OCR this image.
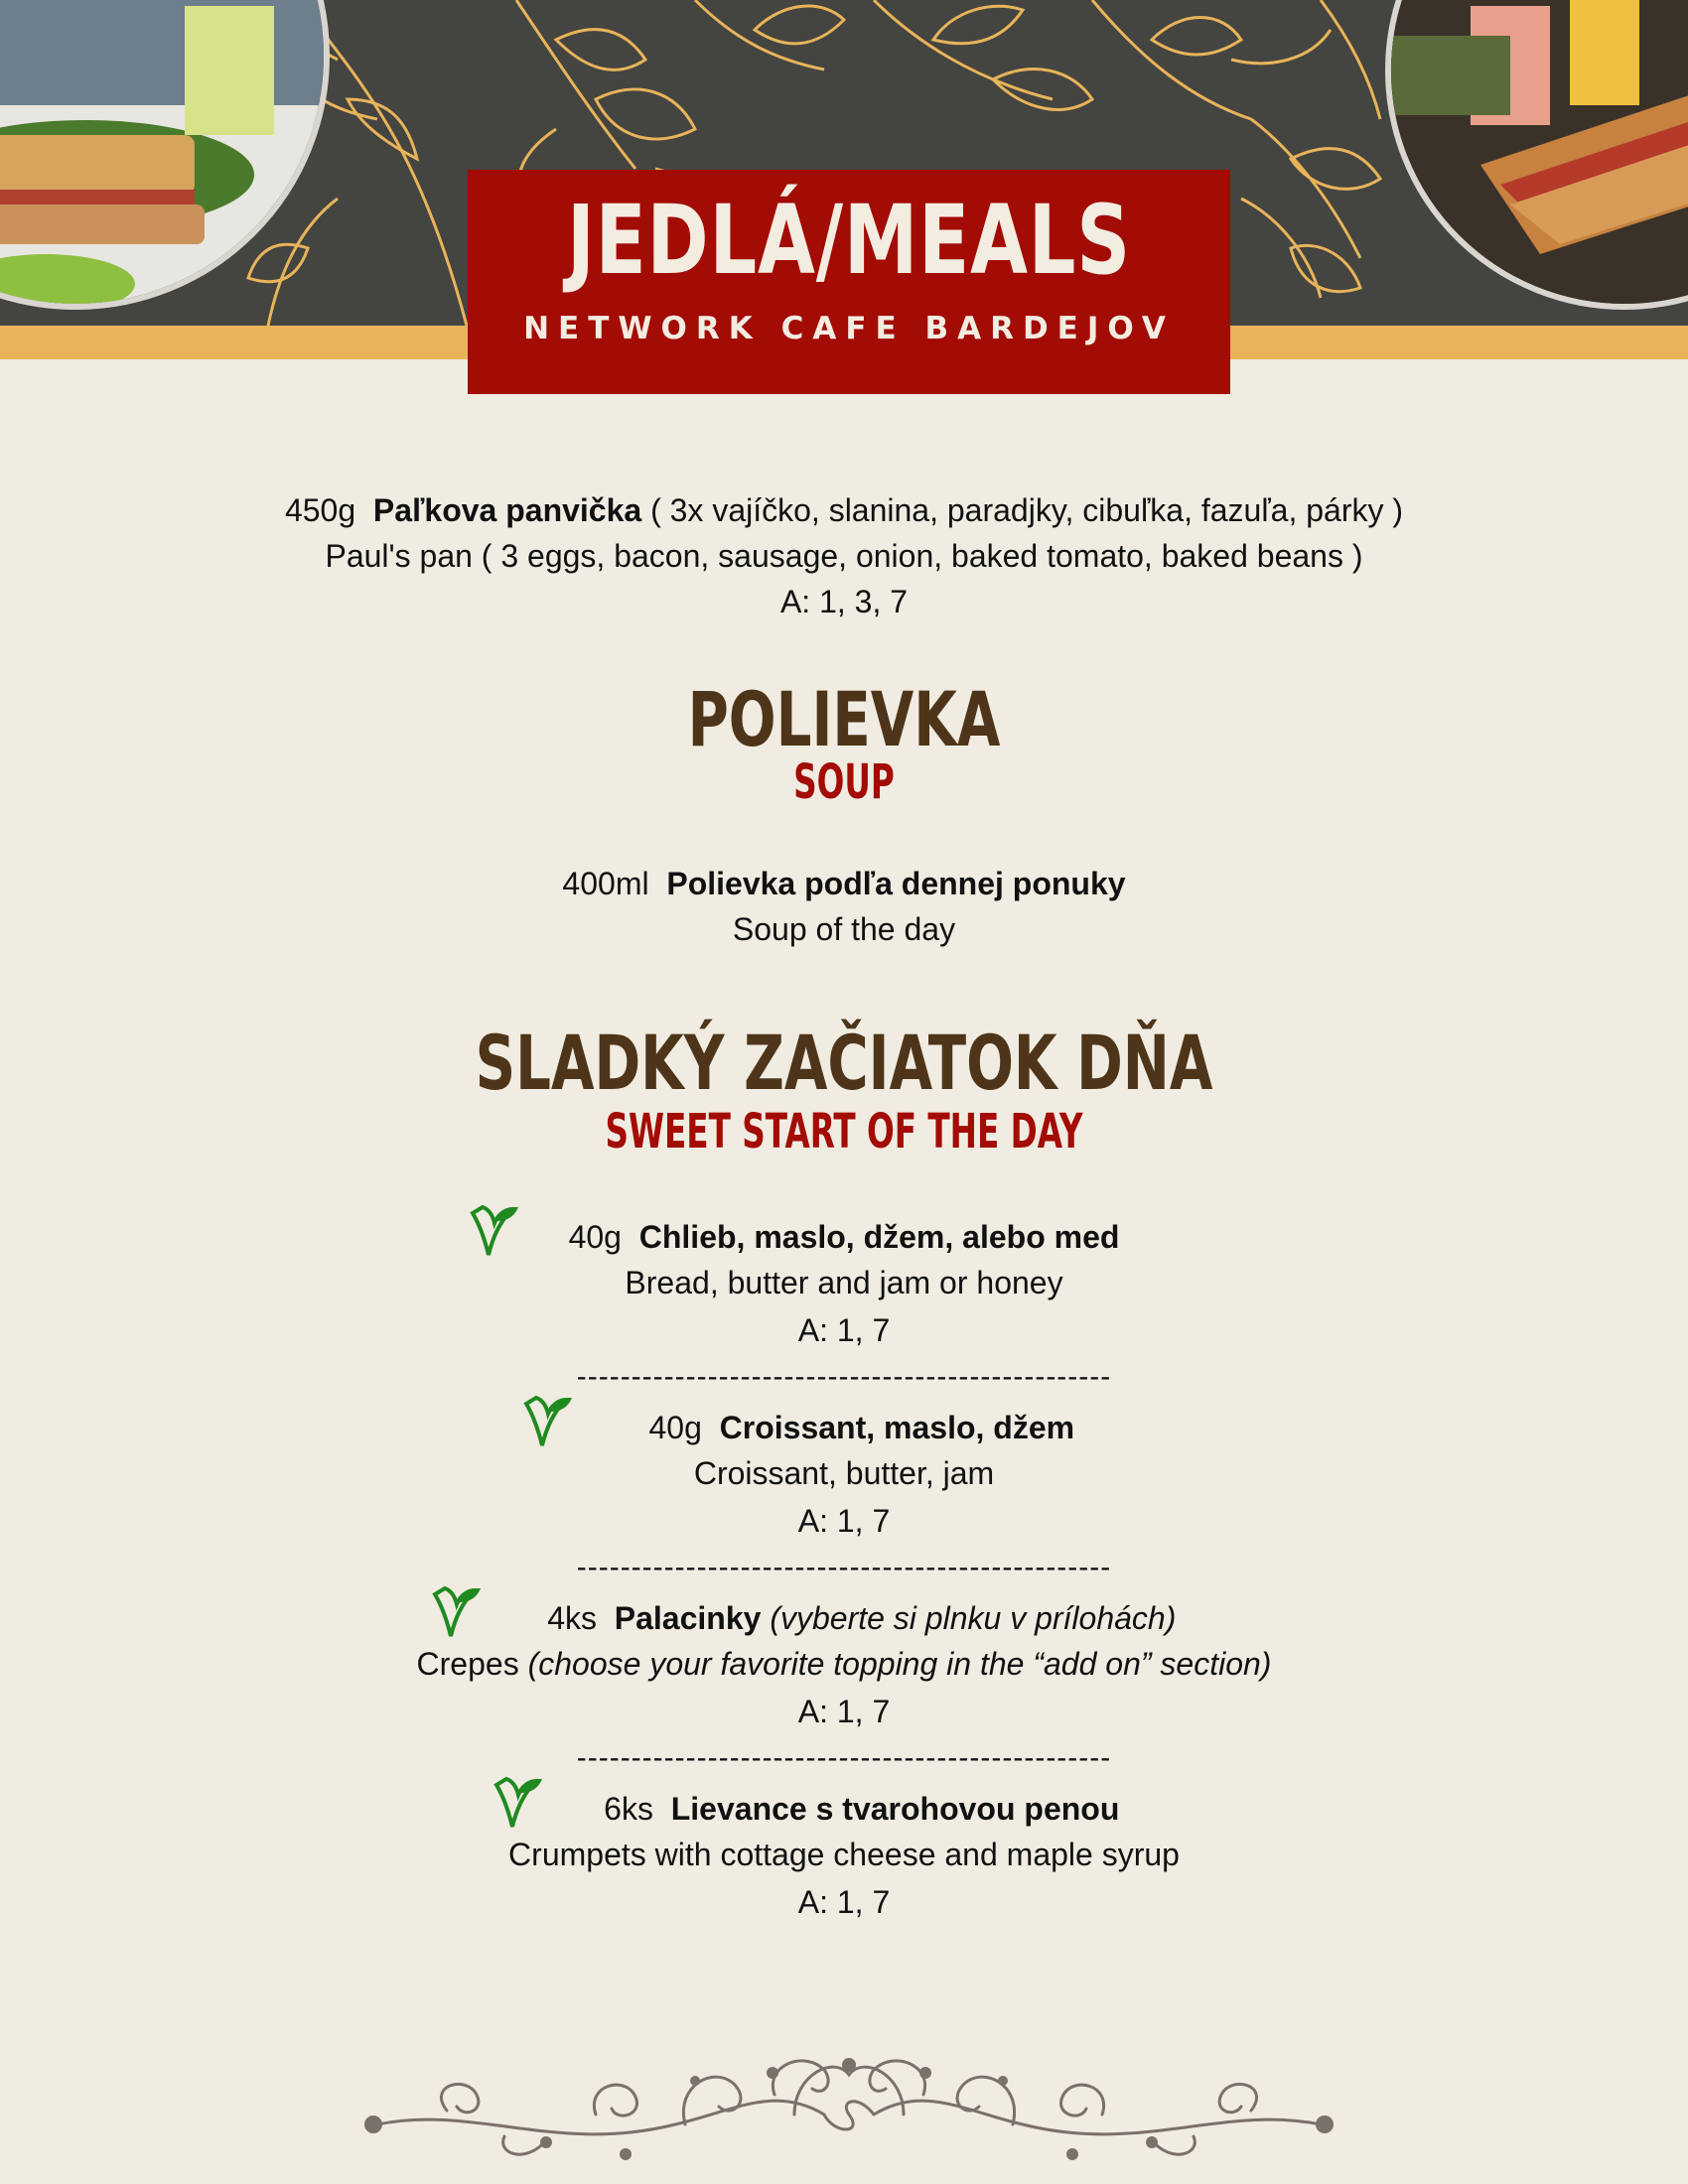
JEDLÁ/MEALS
NETWORK CAFE BARDEJOV
450g Paľkova panvička ( 3x vajíčko, slanina, paradjky, cibuľka, fazuľa, párky )
Paul's pan ( 3 eggs, bacon, sausage, onion, baked tomato, baked beans )
A: 1, 3, 7
POLIEVKA
SOUP
400ml Polievka podľa dennej ponuky
Soup of the day
SLADKÝ ZAČIATOK DŇA
SWEET START OF THE DAY
40g Chlieb, maslo, džem, alebo med
Bread, butter and jam or honey
A: 1, 7
-------------------------------------------------
40g Croissant, maslo, džem
Croissant, butter, jam
A: 1, 7
-------------------------------------------------
4ks Palacinky (vyberte si plnku v prílohách)
Crepes (choose your favorite topping in the “add on” section)
A: 1, 7
-------------------------------------------------
6ks Lievance s tvarohovou penou
Crumpets with cottage cheese and maple syrup
A: 1, 7
